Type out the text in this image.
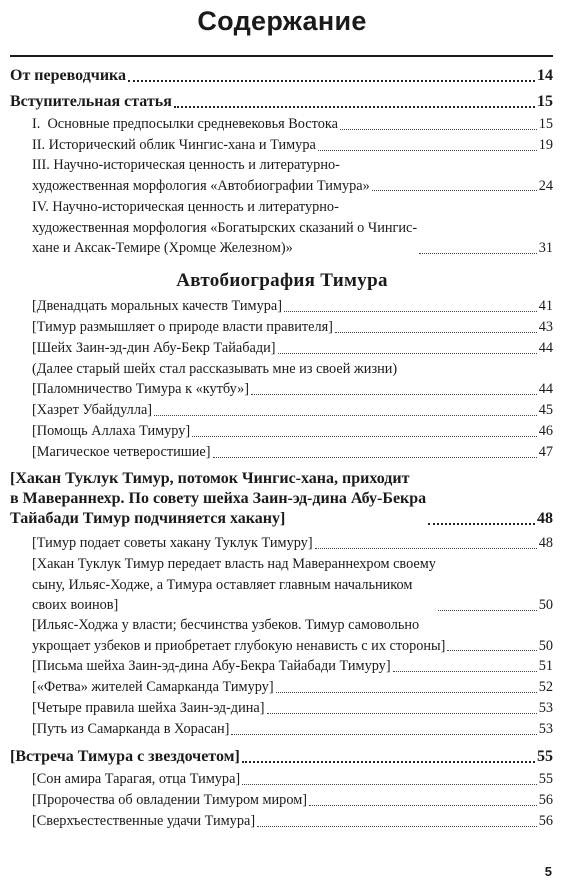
Содержание
От переводчика	14
Вступительная статья	15
I.  Основные предпосылки средневековья Востока	15
II. Исторический облик Чингис-хана и Тимура	19
III. Научно-историческая ценность и литературно-
художественная морфология «Автобиографии Тимура»	24
IV. Научно-историческая ценность и литературно-
художественная морфология «Богатырских сказаний о Чингис-
хане и Аксак-Темире (Хромце Железном)»	31
Автобиография Тимура
[Двенадцать моральных качеств Тимура]	41
[Тимур размышляет о природе власти правителя]	43
[Шейх Заин-эд-дин Абу-Бекр Тайабади]	44
(Далее старый шейх стал рассказывать мне из своей жизни)
[Паломничество Тимура к «кутбу»]	44
[Хазрет Убайдулла]	45
[Помощь Аллаха Тимуру]	46
[Магическое четверостишие]	47
[Хакан Туклук Тимур, потомок Чингис-хана, приходит
в Мавераннехр. По совету шейха Заин-эд-дина Абу-Бекра
Тайабади Тимур подчиняется хакану]	48
[Тимур подает советы хакану Туклук Тимуру]	48
[Хакан Туклук Тимур передает власть над Мавераннехром своему
сыну, Ильяс-Ходже, а Тимура оставляет главным начальником
своих воинов]	50
[Ильяс-Ходжа у власти; бесчинства узбеков. Тимур самовольно
укрощает узбеков и приобретает глубокую ненависть с их стороны]	50
[Письма шейха Заин-эд-дина Абу-Бекра Тайабади Тимуру]	51
[«Фетва» жителей Самарканда Тимуру]	52
[Четыре правила шейха Заин-эд-дина]	53
[Путь из Самарканда в Хорасан]	53
[Встреча Тимура с звездочетом]	55
[Сон амира Тарагая, отца Тимура]	55
[Пророчества об овладении Тимуром миром]	56
[Сверхъестественные удачи Тимура]	56
5
